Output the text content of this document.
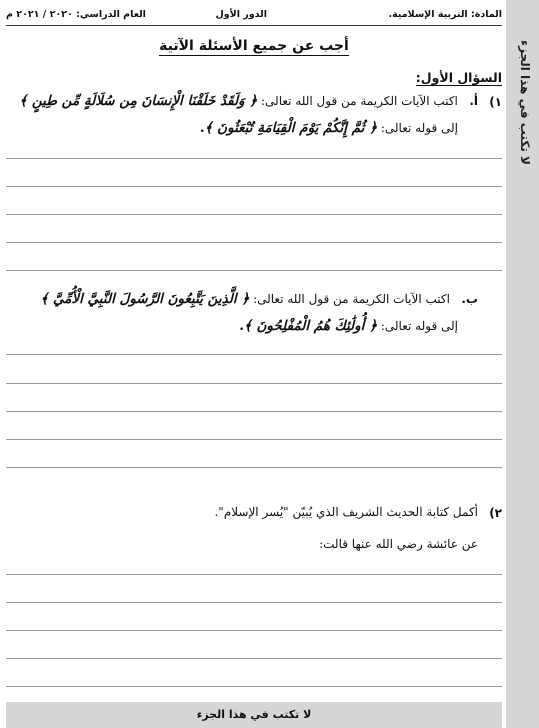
لا تكتب في هذا الجزء
المادة: التربية الإسلامية.
الدور الأول
العام الدراسي: ٢٠٢٠ / ٢٠٢١ م
أجب عن جميع الأسئلة الآتية
السؤال الأول:
١)
أ.   اكتب الآيات الكريمة من قول الله تعالى: ﴿ وَلَقَدْ خَلَقْنَا الْإِنسَانَ مِن سُلَالَةٍ مِّن طِينٍ ﴾
إلى قوله تعالى: ﴿ ثُمَّ إِنَّكُمْ يَوْمَ الْقِيَامَةِ تُبْعَثُونَ ﴾.
ب.   اكتب الآيات الكريمة من قول الله تعالى: ﴿ الَّذِينَ يَتَّبِعُونَ الرَّسُولَ النَّبِيَّ الْأُمِّيَّ ﴾
إلى قوله تعالى: ﴿ أُولَٰئِكَ هُمُ الْمُفْلِحُونَ ﴾.
٢)
أكمل كتابة الحديث الشريف الذي يُبيّن "يُسر الإسلام".
عن عائشة رضي الله عنها قالت:
لا تكتب في هذا الجزء
